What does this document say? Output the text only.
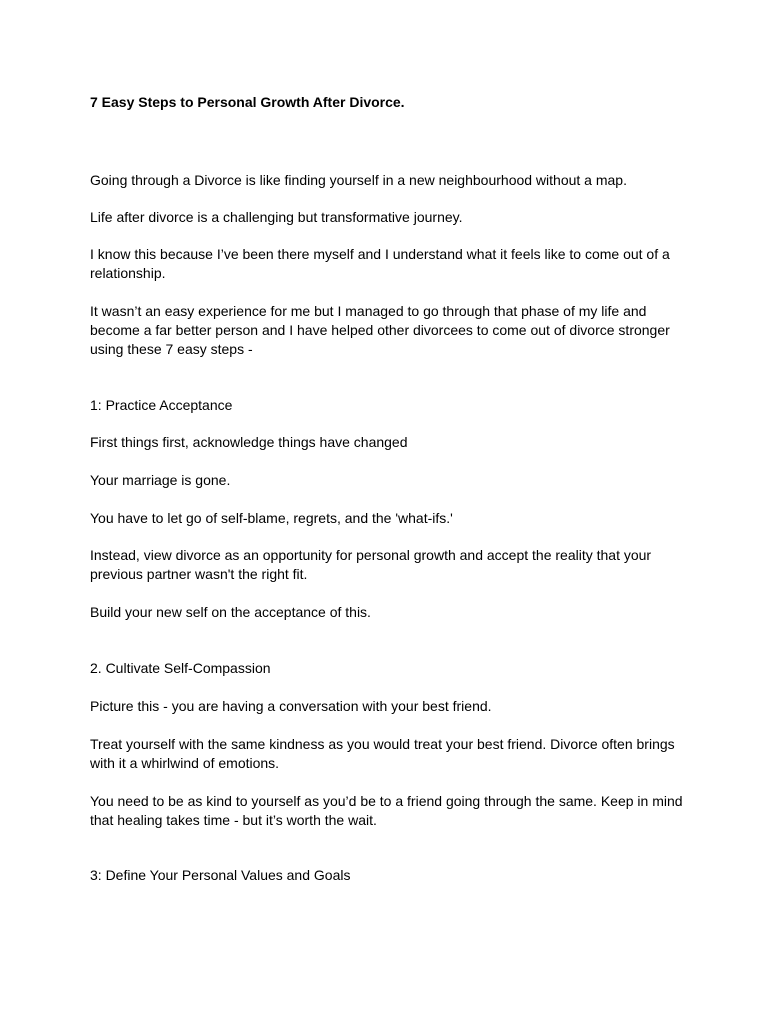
7 Easy Steps to Personal Growth After Divorce.

Going through a Divorce is like finding yourself in a new neighbourhood without a map.

Life after divorce is a challenging but transformative journey.

I know this because I’ve been there myself and I understand what it feels like to come out of a relationship.

It wasn’t an easy experience for me but I managed to go through that phase of my life and become a far better person and I have helped other divorcees to come out of divorce stronger using these 7 easy steps -

1: Practice Acceptance

First things first, acknowledge things have changed

Your marriage is gone.

You have to let go of self-blame, regrets, and the 'what-ifs.'

Instead, view divorce as an opportunity for personal growth and accept the reality that your previous partner wasn't the right fit.

Build your new self on the acceptance of this.

2. Cultivate Self-Compassion

Picture this - you are having a conversation with your best friend.

Treat yourself with the same kindness as you would treat your best friend. Divorce often brings with it a whirlwind of emotions.

You need to be as kind to yourself as you’d be to a friend going through the same. Keep in mind that healing takes time - but it’s worth the wait.

3: Define Your Personal Values and Goals
